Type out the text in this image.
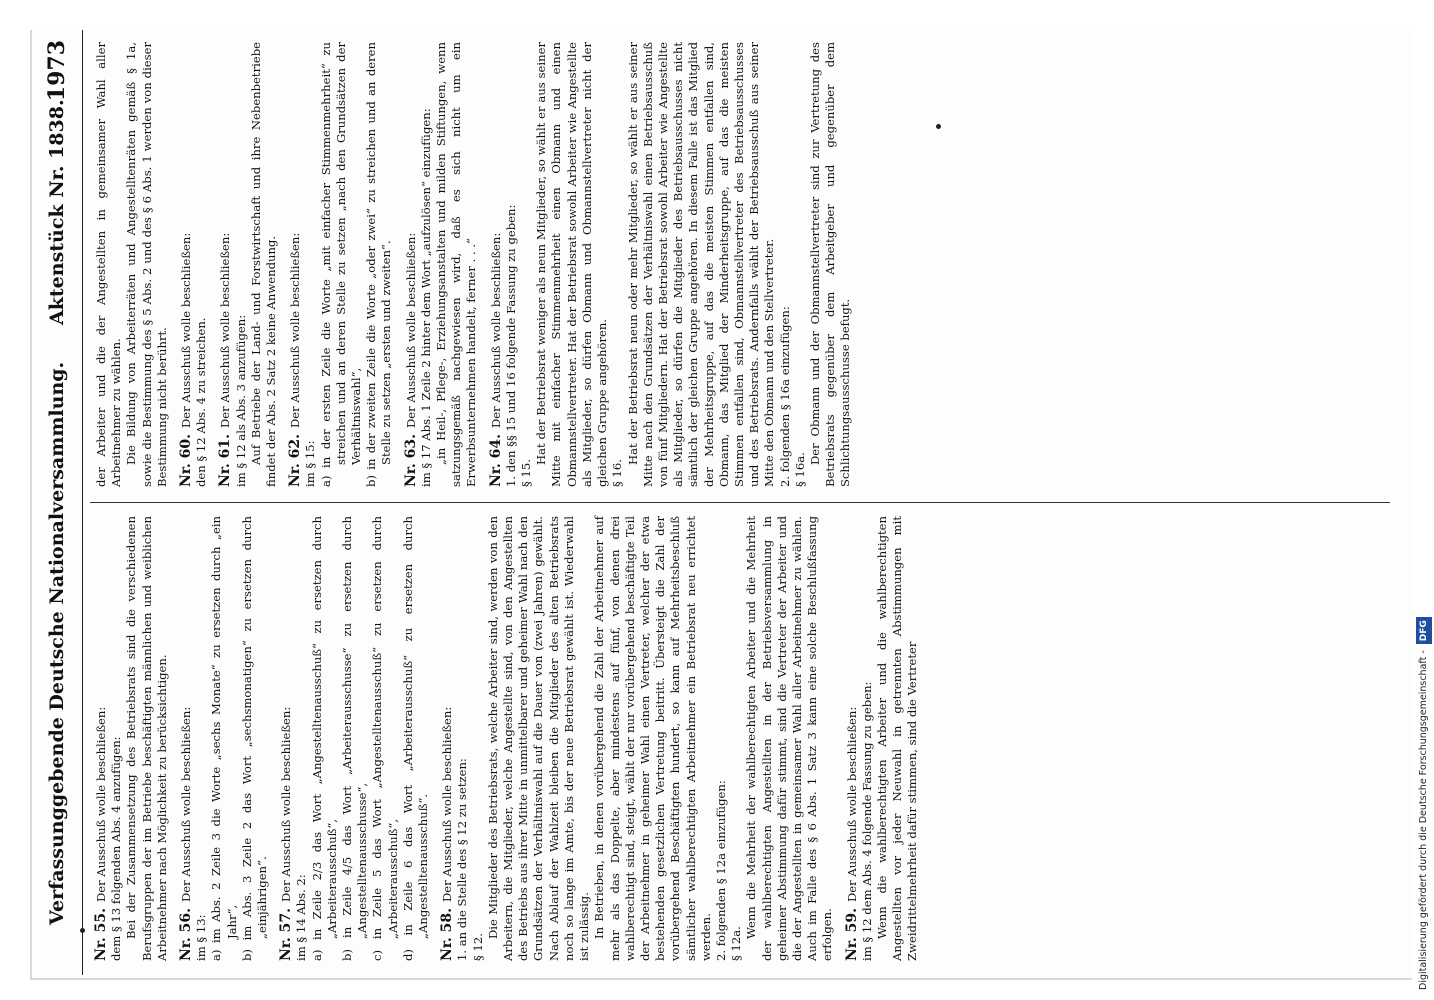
Verfassunggebende Deutsche Nationalversammlung.
Aktenstück Nr. 1838.
1973

Nr. 55.Der Ausschuß wolle beschließen: dem § 13 folgenden Abs. 4 anzufügen: Bei der Zusammensetzung des Betriebsrats sind die verschiedenen Berufsgruppen der im Betriebe beschäftigten männlichen und weiblichen Arbeitnehmer nach Möglichkeit zu berücksichtigen. Nr. 56.Der Ausschuß wolle beschließen:

im § 13: a) im Abs. 2 Zeile 3 die Worte „sechs Monate“ zu ersetzen durch „ein Jahr“, b) im Abs. 3 Zeile 2 das Wort „sechsmonatigen“ zu ersetzen durch „einjährigen“. Nr. 57.Der Ausschuß wolle beschließen:

im § 14 Abs. 2: a) in Zeile 2/3 das Wort „Angestelltenausschuß“ zu ersetzen durch „Arbeiterausschuß“, b) in Zeile 4/5 das Wort „Arbeiterausschusse“ zu ersetzen durch „Angestelltenausschusse“, c) in Zeile 5 das Wort „Angestelltenausschuß“ zu ersetzen durch „Arbeiterausschuß“, d) in Zeile 6 das Wort „Arbeiterausschuß“ zu ersetzen durch „Angestelltenausschuß“. Nr. 58.Der Ausschuß wolle beschließen: 1. an die Stelle des § 12 zu setzen: § 12.

Die Mitglieder des Betriebsrats, welche Arbeiter sind, werden von den Arbeitern, die Mitglieder, welche Angestellte sind, von den Angestellten des Betriebs aus ihrer Mitte in unmittelbarer und geheimer Wahl nach den Grundsätzen der Verhältniswahl auf die Dauer von (zwei Jahren) gewählt. Nach Ablauf der Wahlzeit bleiben die Mitglieder des alten Betriebsrats noch so lange im Amte, bis der neue Betriebsrat gewählt ist. Wiederwahl ist zulässig. In Betrieben, in denen vorübergehend die Zahl der Arbeitnehmer auf mehr als das Doppelte, aber mindestens auf fünf, von denen drei wahlberechtigt sind, steigt, wählt der nur vorübergehend beschäftigte Teil der Arbeitnehmer in geheimer Wahl einen Vertreter, welcher der etwa bestehenden gesetzlichen Vertretung beitritt. Übersteigt die Zahl der vorübergehend Beschäftigten hundert, so kann auf Mehrheitsbeschluß sämtlicher wahlberechtigten Arbeitnehmer ein Betriebsrat neu errichtet werden. 2. folgenden § 12a einzufügen: § 12a.

Wenn die Mehrheit der wahlberechtigten Arbeiter und die Mehrheit der wahlberechtigten Angestellten in der Betriebsversammlung in geheimer Abstimmung dafür stimmt, sind die Vertreter der Arbeiter und die der Angestellten in gemeinsamer Wahl aller Arbeitnehmer zu wählen. Auch im Falle des § 6 Abs. 1 Satz 3 kann eine solche Beschlußfassung erfolgen. Nr. 59.Der Ausschuß wolle beschließen: im § 12 dem Abs. 4 folgende Fassung zu geben: Wenn die wahlberechtigten Arbeiter und die wahlberechtigten Angestellten vor jeder Neuwahl in getrennten Abstimmungen mit Zweidrittelmehrheit dafür stimmen, sind die Vertreter

der Arbeiter und die der Angestellten in gemeinsamer Wahl aller Arbeitnehmer zu wählen. Die Bildung von Arbeiterräten und Angestelltenräten gemäß § 1a, sowie die Bestimmung des § 5 Abs. 2 und des § 6 Abs. 1 werden von dieser Bestimmung nicht berührt. Nr. 60.Der Ausschuß wolle beschließen: den § 12 Abs. 4 zu streichen. Nr. 61.Der Ausschuß wolle beschließen: im § 12 als Abs. 3 anzufügen: Auf Betriebe der Land- und Forstwirtschaft und ihre Nebenbetriebe findet der Abs. 2 Satz 2 keine Anwendung. Nr. 62.Der Ausschuß wolle beschließen:

im § 15: a) in der ersten Zeile die Worte „mit einfacher Stimmenmehrheit“ zu streichen und an deren Stelle zu setzen „nach den Grundsätzen der Verhältniswahl“, b) in der zweiten Zeile die Worte „oder zwei“ zu streichen und an deren Stelle zu setzen „ersten und zweiten“. Nr. 63.Der Ausschuß wolle beschließen: im § 17 Abs. 1 Zeile 2 hinter dem Wort „aufzulösen“ einzufügen: „in Heil-, Pflege-, Erziehungsanstalten und milden Stiftungen, wenn satzungsgemäß nachgewiesen wird, daß es sich nicht um ein Erwerbsunternehmen handelt, ferner . . .“ Nr. 64.Der Ausschuß wolle beschließen: 1. den §§ 15 und 16 folgende Fassung zu geben: § 15.

Hat der Betriebsrat weniger als neun Mitglieder, so wählt er aus seiner Mitte mit einfacher Stimmenmehrheit einen Obmann und einen Obmannstellvertreter. Hat der Betriebsrat sowohl Arbeiter wie Angestellte als Mitglieder, so dürfen Obmann und Obmannstellvertreter nicht der gleichen Gruppe angehören. § 16.

Hat der Betriebsrat neun oder mehr Mitglieder, so wählt er aus seiner Mitte nach den Grundsätzen der Verhältniswahl einen Betriebsausschuß von fünf Mitgliedern. Hat der Betriebsrat sowohl Arbeiter wie Angestellte als Mitglieder, so dürfen die Mitglieder des Betriebsausschusses nicht sämtlich der gleichen Gruppe angehören. In diesem Falle ist das Mitglied der Mehrheitsgruppe, auf das die meisten Stimmen entfallen sind, Obmann, das Mitglied der Minderheitsgruppe, auf das die meisten Stimmen entfallen sind, Obmannstellvertreter des Betriebsausschusses und des Betriebsrats. Andernfalls wählt der Betriebsausschuß aus seiner Mitte den Obmann und den Stellvertreter. 2. folgenden § 16a einzufügen: § 16a.

Der Obmann und der Obmannstellvertreter sind zur Vertretung des Betriebsrats gegenüber dem Arbeitgeber und gegenüber dem Schlichtungsausschusse befugt.

Digitalisierung gefördert durch die Deutsche Forschungsgemeinschaft -DFG
